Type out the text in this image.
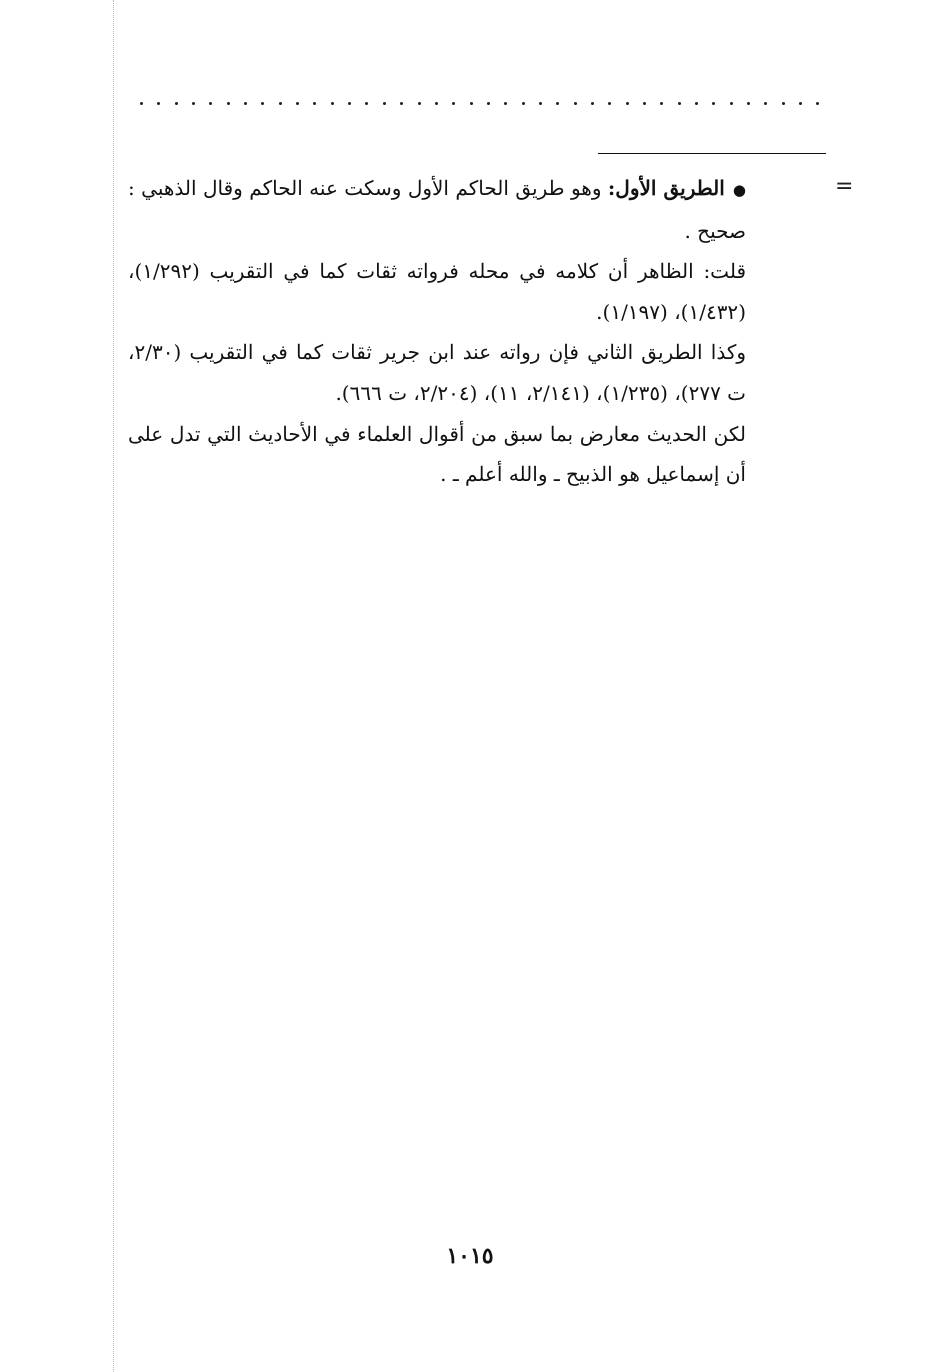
=

●الطريق الأول: وهو طريق الحاكم الأول وسكت عنه الحاكم وقال الذهبي : صحيح .

قلت: الظاهر أن كلامه في محله فرواته ثقات كما في التقريب (١/٢٩٢)، (١/٤٣٢)، (١/١٩٧).

وكذا الطريق الثاني فإن رواته عند ابن جرير ثقات كما في التقريب (٢/٣٠، ت ٢٧٧)، (١/٢٣٥)، (٢/١٤١، ١١)، (٢/٢٠٤، ت ٦٦٦).

لكن الحديث معارض بما سبق من أقوال العلماء في الأحاديث التي تدل على أن إسماعيل هو الذبيح ـ والله أعلم ـ .

١٠١٥
